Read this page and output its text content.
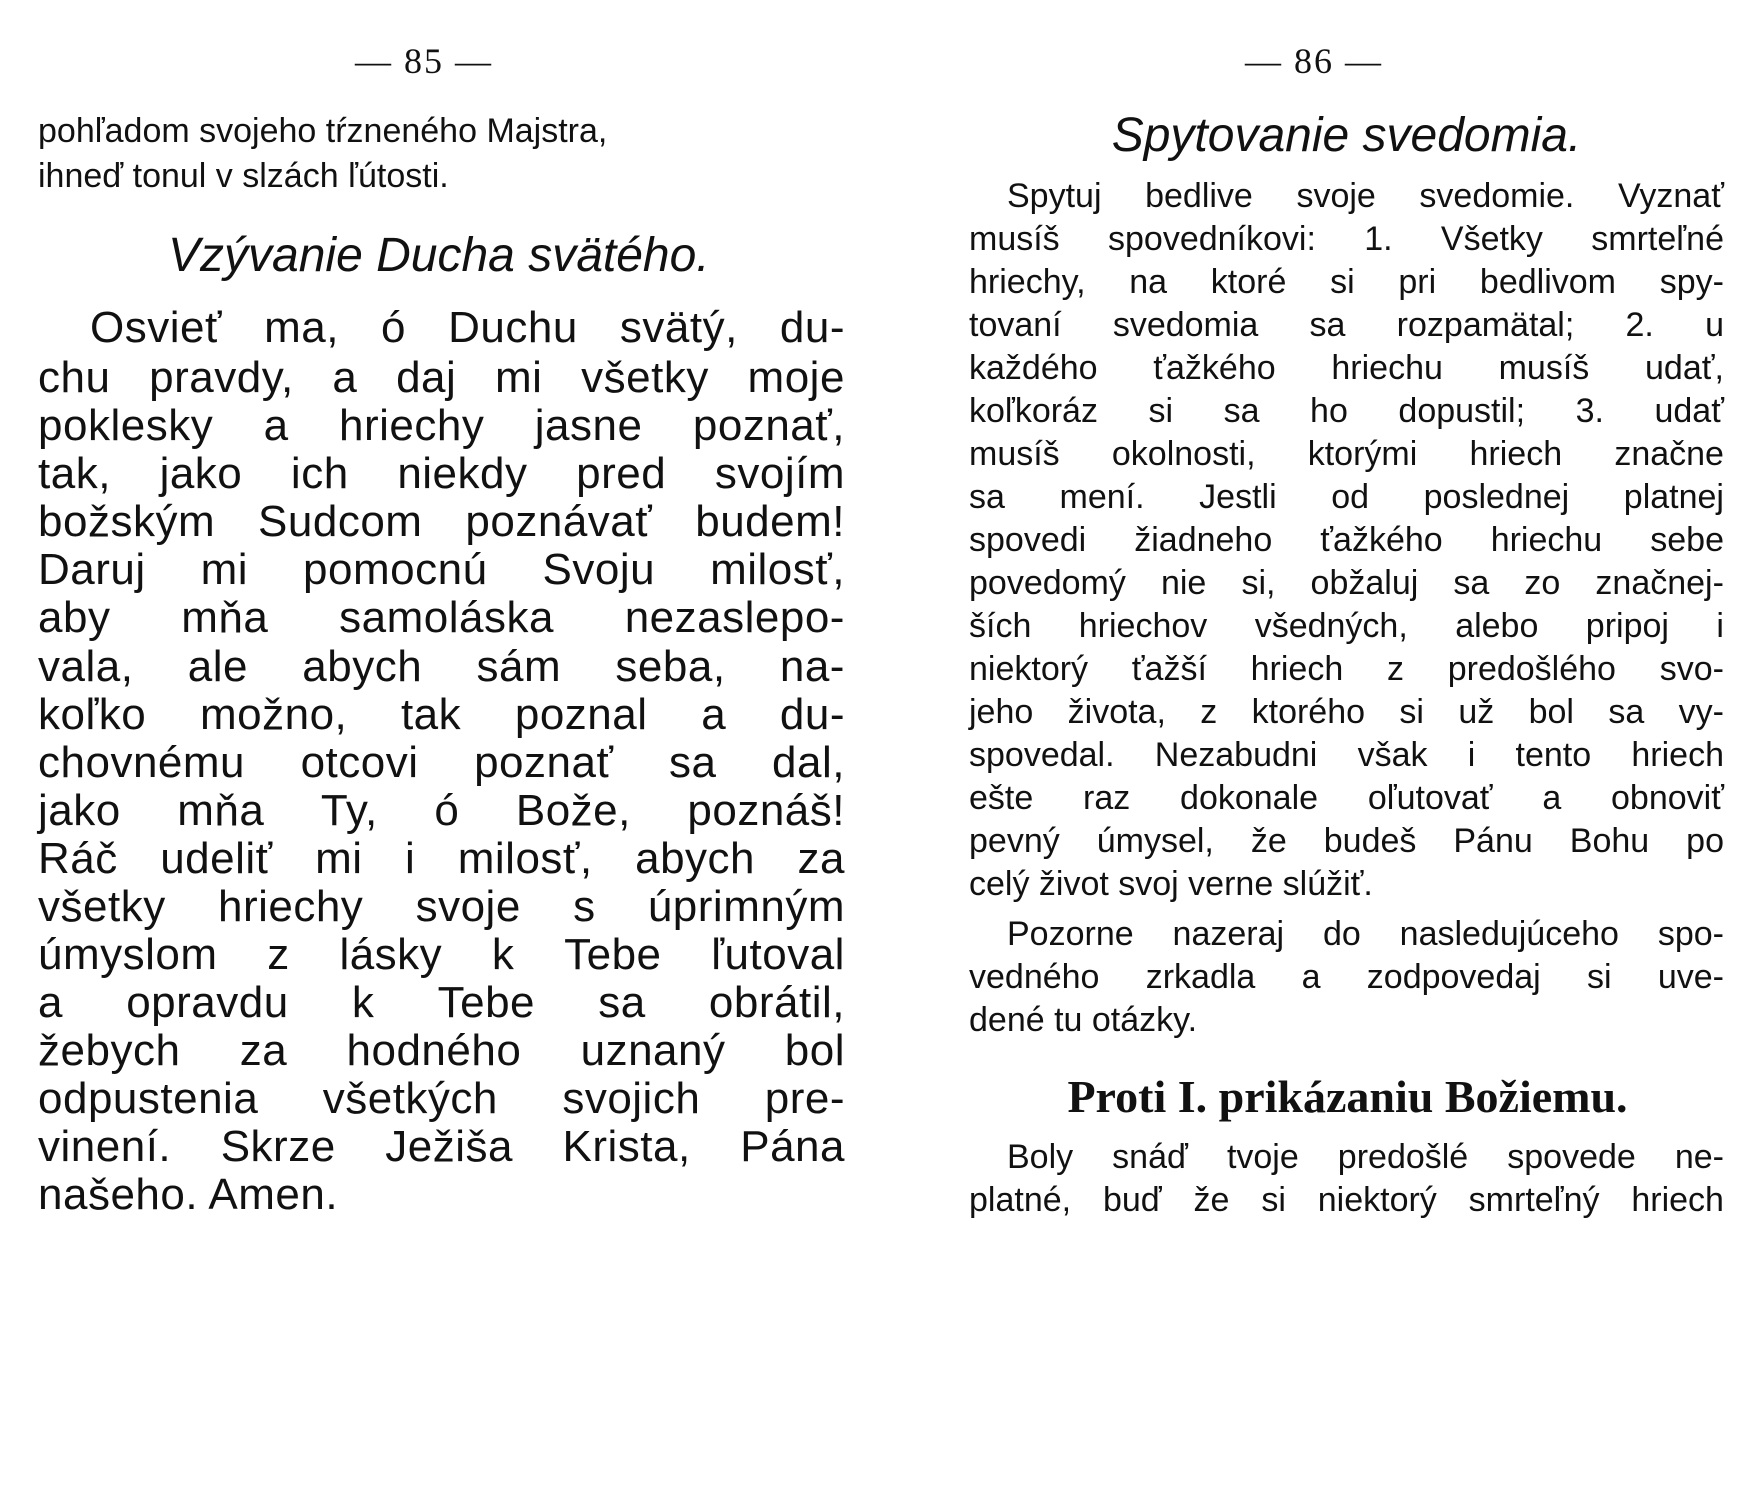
— 85 —
pohľadom svojeho tŕzneného Majstra,
ihneď tonul v slzách ľútosti.
Vzývanie Ducha svätého.
Osvieť ma, ó Duchu svätý, du-
chu pravdy, a daj mi všetky moje
poklesky a hriechy jasne poznať,
tak, jako ich niekdy pred svojím
božským Sudcom poznávať budem!
Daruj mi pomocnú Svoju milosť,
aby mňa samoláska nezaslepo-
vala, ale abych sám seba, na-
koľko možno, tak poznal a du-
chovnému otcovi poznať sa dal,
jako mňa Ty, ó Bože, poznáš!
Ráč udeliť mi i milosť, abych za
všetky hriechy svoje s úprimným
úmyslom z lásky k Tebe ľutoval
a opravdu k Tebe sa obrátil,
žebych za hodného uznaný bol
odpustenia všetkých svojich pre-
vinení. Skrze Ježiša Krista, Pána
našeho. Amen.
— 86 —
Spytovanie svedomia.
Spytuj bedlive svoje svedomie. Vyznať
musíš spovedníkovi: 1. Všetky smrteľné
hriechy, na ktoré si pri bedlivom spy-
tovaní svedomia sa rozpamätal; 2. u
každého ťažkého hriechu musíš udať,
koľkoráz si sa ho dopustil; 3. udať
musíš okolnosti, ktorými hriech značne
sa mení. Jestli od poslednej platnej
spovedi žiadneho ťažkého hriechu sebe
povedomý nie si, obžaluj sa zo značnej-
ších hriechov všedných, alebo pripoj i
niektorý ťažší hriech z predošlého svo-
jeho života, z ktorého si už bol sa vy-
spovedal. Nezabudni však i tento hriech
ešte raz dokonale oľutovať a obnoviť
pevný úmysel, že budeš Pánu Bohu po
celý život svoj verne slúžiť.
Pozorne nazeraj do nasledujúceho spo-
vedného zrkadla a zodpovedaj si uve-
dené tu otázky.
Proti I. prikázaniu Božiemu.
Boly snáď tvoje predošlé spovede ne-
platné, buď že si niektorý smrteľný hriech
